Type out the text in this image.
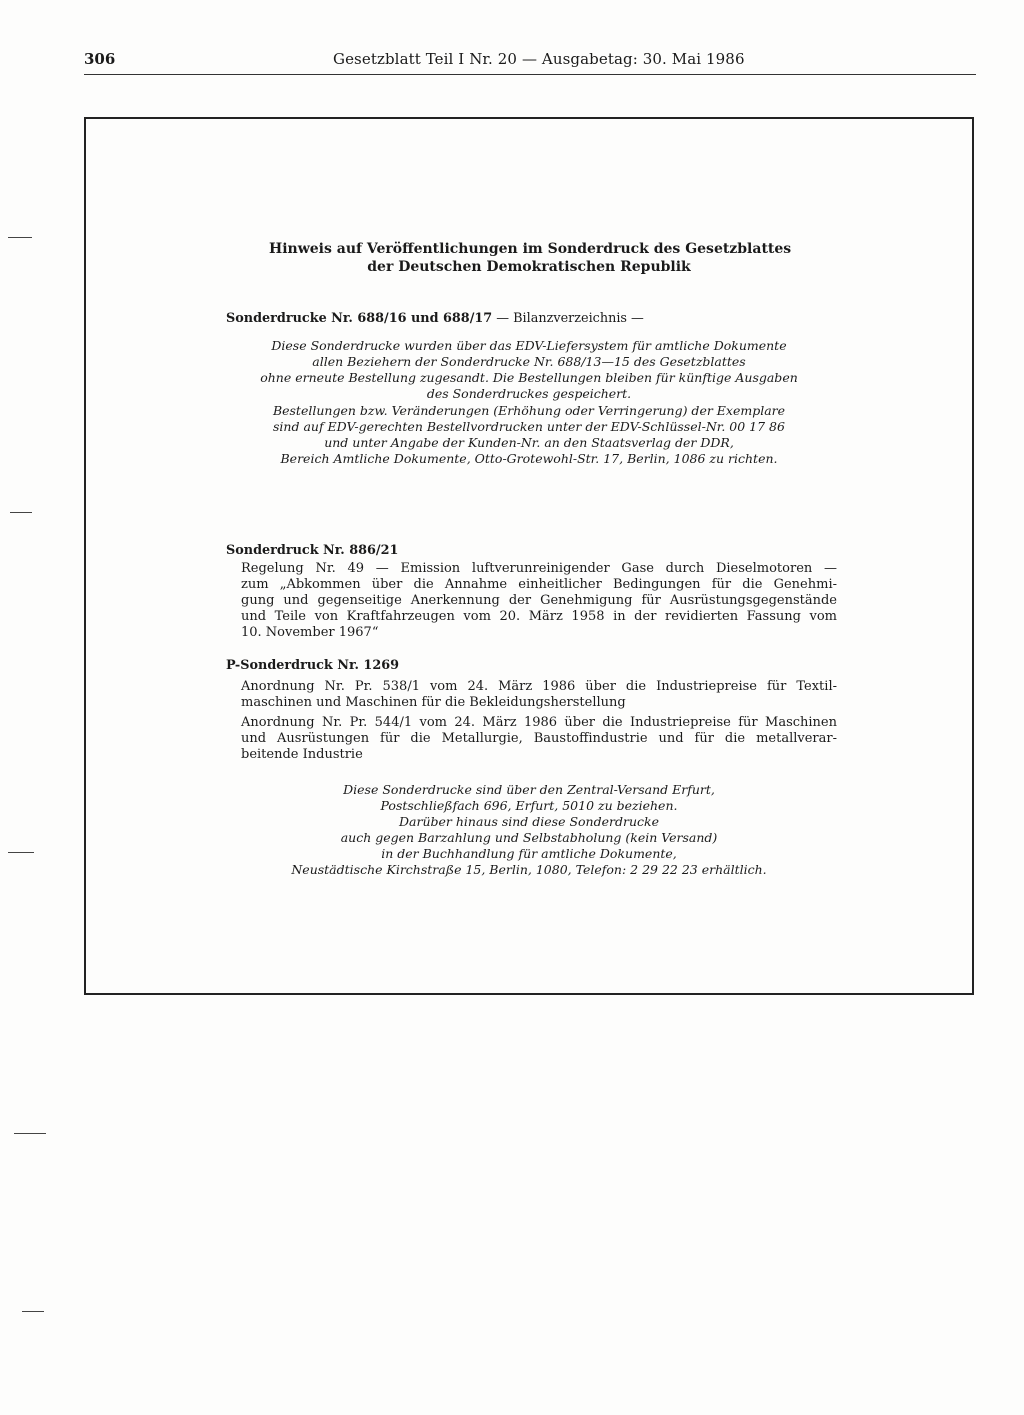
306	Gesetzblatt Teil I Nr. 20 — Ausgabetag: 30. Mai 1986
Hinweis auf Veröffentlichungen im Sonderdruck des Gesetzblattes
der Deutschen Demokratischen Republik
Sonderdrucke Nr. 688/16 und 688/17 — Bilanzverzeichnis —
Diese Sonderdrucke wurden über das EDV-Liefersystem für amtliche Dokumente
allen Beziehern der Sonderdrucke Nr. 688/13—15 des Gesetzblattes
ohne erneute Bestellung zugesandt. Die Bestellungen bleiben für künftige Ausgaben
des Sonderdruckes gespeichert.
Bestellungen bzw. Veränderungen (Erhöhung oder Verringerung) der Exemplare
sind auf EDV-gerechten Bestellvordrucken unter der EDV-Schlüssel-Nr. 00 17 86
und unter Angabe der Kunden-Nr. an den Staatsverlag der DDR,
Bereich Amtliche Dokumente, Otto-Grotewohl-Str. 17, Berlin, 1086 zu richten.
Sonderdruck Nr. 886/21
Regelung Nr. 49 — Emission luftverunreinigender Gase durch Dieselmotoren —
zum „Abkommen über die Annahme einheitlicher Bedingungen für die Genehmi-
gung und gegenseitige Anerkennung der Genehmigung für Ausrüstungsgegenstände
und Teile von Kraftfahrzeugen vom 20. März 1958 in der revidierten Fassung vom
10. November 1967“
P-Sonderdruck Nr. 1269
Anordnung Nr. Pr. 538/1 vom 24. März 1986 über die Industriepreise für Textil-
maschinen und Maschinen für die Bekleidungsherstellung
Anordnung Nr. Pr. 544/1 vom 24. März 1986 über die Industriepreise für Maschinen
und Ausrüstungen für die Metallurgie, Baustoffindustrie und für die metallverar-
beitende Industrie
Diese Sonderdrucke sind über den Zentral-Versand Erfurt,
Postschließfach 696, Erfurt, 5010 zu beziehen.
Darüber hinaus sind diese Sonderdrucke
auch gegen Barzahlung und Selbstabholung (kein Versand)
in der Buchhandlung für amtliche Dokumente,
Neustädtische Kirchstraße 15, Berlin, 1080, Telefon: 2 29 22 23 erhältlich.
